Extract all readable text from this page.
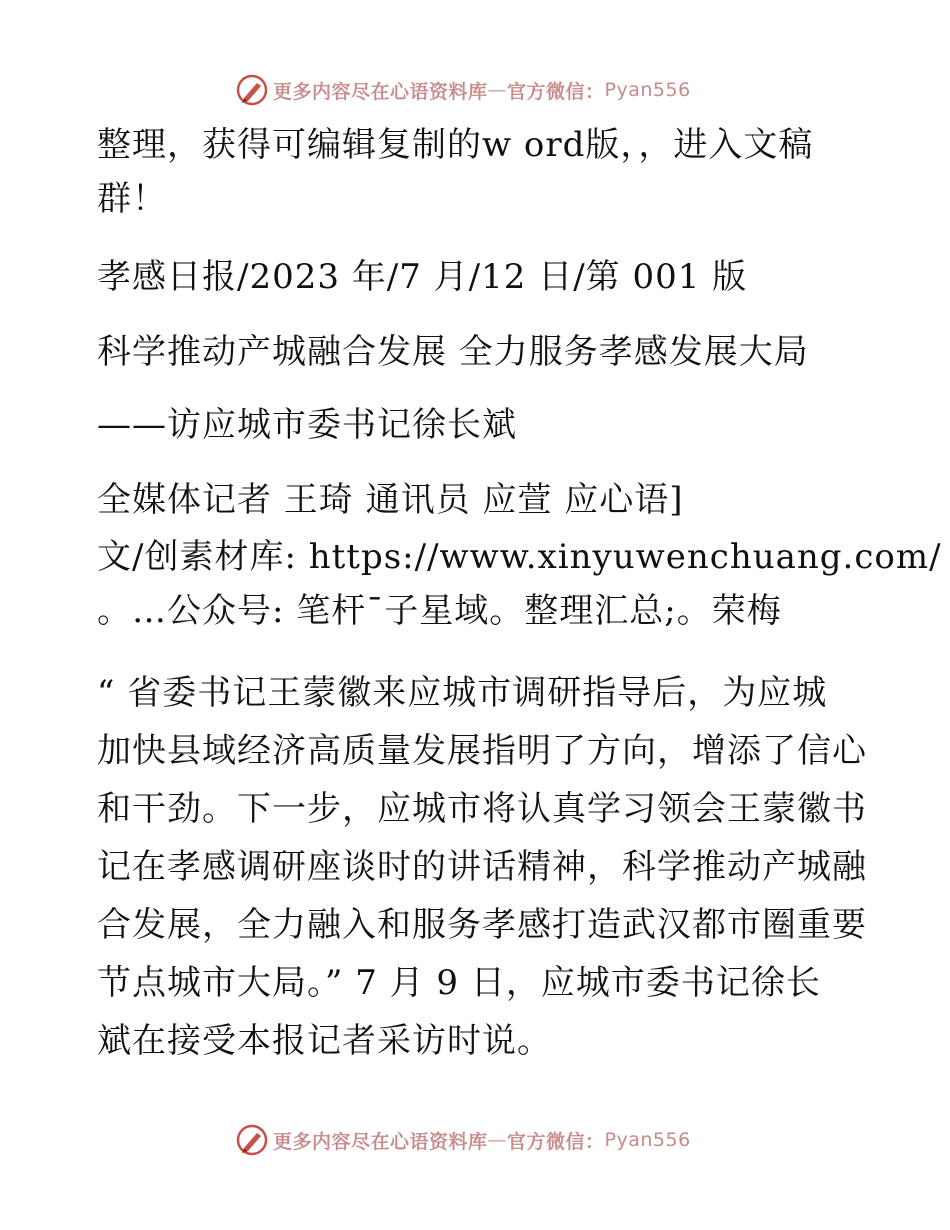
更多内容尽在心语资料库 — 官方微信： Pyan556
整理，获得可编辑复制的w ord版，，进入文稿
群！
孝感日报/2023 年/7 月/12 日/第 001 版
科学推动产城融合发展 全力服务孝感发展大局
——访应城市委书记徐长斌
全媒体记者 王琦 通讯员 应萱 应心语]
文/创素材库: https://www.xinyuwenchuang.com/
。…公众号: 笔杆¯子星域。整理汇总;。荣梅
“ 省委书记王蒙徽来应城市调研指导后，为应城
加快县域经济高质量发展指明了方向，增添了信心
和干劲。下一步，应城市将认真学习领会王蒙徽书
记在孝感调研座谈时的讲话精神，科学推动产城融
合发展，全力融入和服务孝感打造武汉都市圈重要
节点城市大局。” 7 月 9 日，应城市委书记徐长
斌在接受本报记者采访时说。
更多内容尽在心语资料库 — 官方微信： Pyan556
